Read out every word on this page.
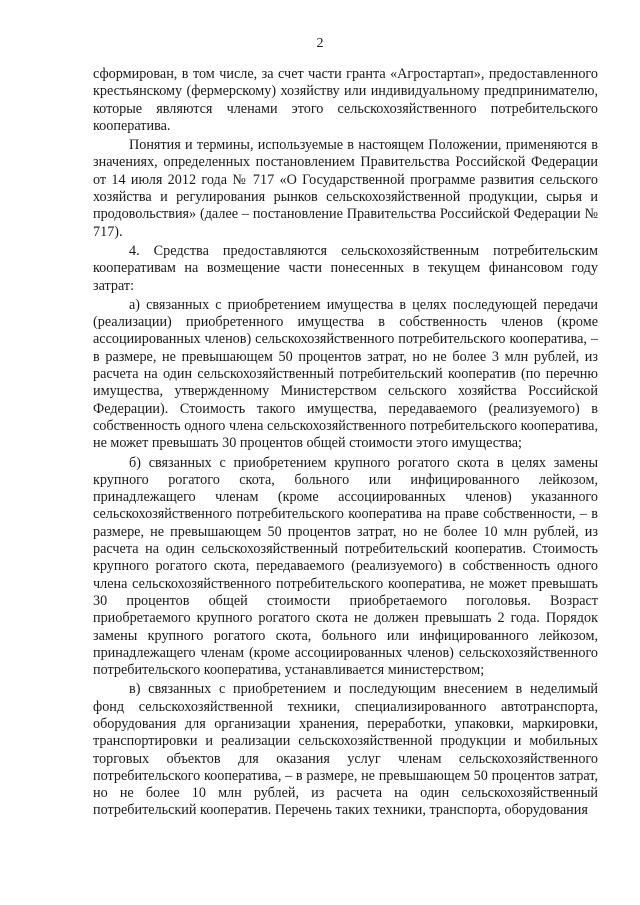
2

сформирован, в том числе, за счет части гранта «Агростартап», предоставленного крестьянскому (фермерскому) хозяйству или индивидуальному предпринимателю, которые являются членами этого сельскохозяйственного потребительского кооператива.

Понятия и термины, используемые в настоящем Положении, применяются в значениях, определенных постановлением Правительства Российской Федерации от 14 июля 2012 года № 717 «О Государственной программе развития сельского хозяйства и регулирования рынков сельскохозяйственной продукции, сырья и продовольствия» (далее – постановление Правительства Российской Федерации № 717).

4. Средства предоставляются сельскохозяйственным потребительским кооперативам на возмещение части понесенных в текущем финансовом году затрат:

а) связанных с приобретением имущества в целях последующей передачи (реализации) приобретенного имущества в собственность членов (кроме ассоциированных членов) сельскохозяйственного потребительского кооператива, – в размере, не превышающем 50 процентов затрат, но не более 3 млн рублей, из расчета на один сельскохозяйственный потребительский кооператив (по перечню имущества, утвержденному Министерством сельского хозяйства Российской Федерации). Стоимость такого имущества, передаваемого (реализуемого) в собственность одного члена сельскохозяйственного потребительского кооператива, не может превышать 30 процентов общей стоимости этого имущества;

б) связанных с приобретением крупного рогатого скота в целях замены крупного рогатого скота, больного или инфицированного лейкозом, принадлежащего членам (кроме ассоциированных членов) указанного сельскохозяйственного потребительского кооператива на праве собственности, – в размере, не превышающем 50 процентов затрат, но не более 10 млн рублей, из расчета на один сельскохозяйственный потребительский кооператив. Стоимость крупного рогатого скота, передаваемого (реализуемого) в собственность одного члена сельскохозяйственного потребительского кооператива, не может превышать 30 процентов общей стоимости приобретаемого поголовья. Возраст приобретаемого крупного рогатого скота не должен превышать 2 года. Порядок замены крупного рогатого скота, больного или инфицированного лейкозом, принадлежащего членам (кроме ассоциированных членов) сельскохозяйственного потребительского кооператива, устанавливается министерством;

в) связанных с приобретением и последующим внесением в неделимый фонд сельскохозяйственной техники, специализированного автотранспорта, оборудования для организации хранения, переработки, упаковки, маркировки, транспортировки и реализации сельскохозяйственной продукции и мобильных торговых объектов для оказания услуг членам сельскохозяйственного потребительского кооператива, – в размере, не превышающем 50 процентов затрат, но не более 10 млн рублей, из расчета на один сельскохозяйственный потребительский кооператив. Перечень таких техники, транспорта, оборудования
